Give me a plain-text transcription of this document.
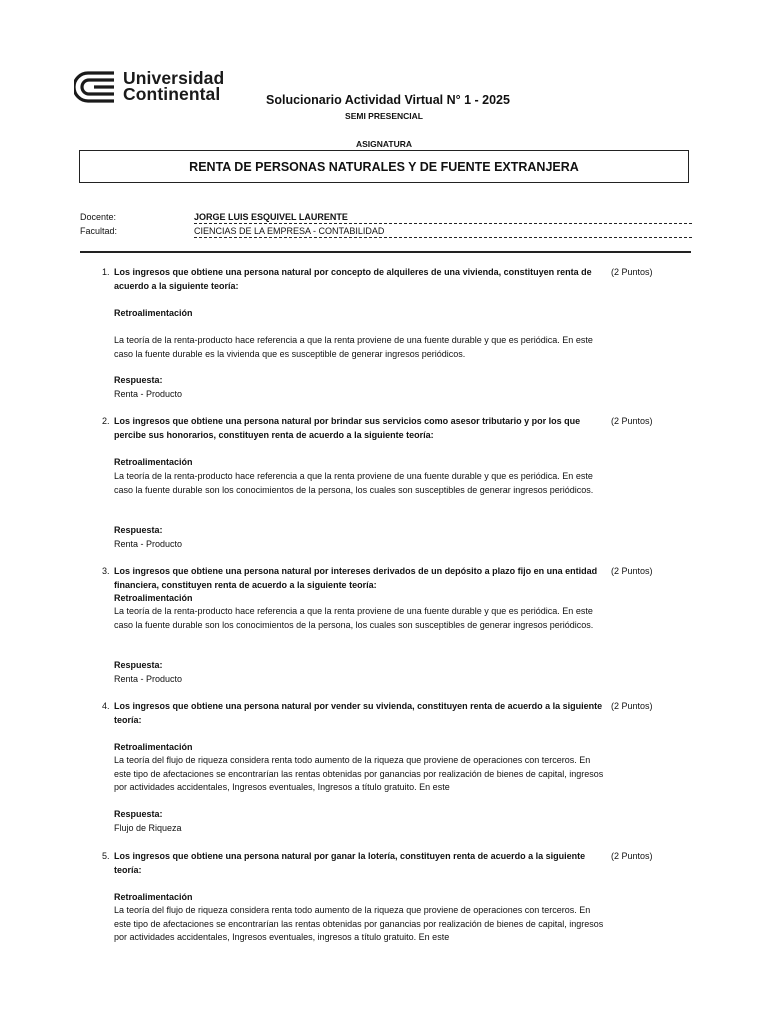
Universidad
Continental	Solucionario Actividad Virtual N° 1 - 2025
SEMI PRESENCIAL
ASIGNATURA
RENTA DE PERSONAS NATURALES Y DE FUENTE EXTRANJERA
Docente:	JORGE LUIS ESQUIVEL LAURENTE
Facultad:	CIENCIAS DE LA EMPRESA - CONTABILIDAD
1. Los ingresos que obtiene una persona natural por concepto de alquileres de una vivienda, constituyen renta de acuerdo a la siguiente teoría:
(2 Puntos)
Retroalimentación
La teoría de la renta-producto hace referencia a que la renta proviene de una fuente durable y que es periódica. En este caso la fuente durable es la vivienda que es susceptible de generar ingresos periódicos.
Respuesta:
Renta - Producto
2. Los ingresos que obtiene una persona natural por brindar sus servicios como asesor tributario y por los que percibe sus honorarios, constituyen renta de acuerdo a la siguiente teoría:
(2 Puntos)
Retroalimentación
La teoría de la renta-producto hace referencia a que la renta proviene de una fuente durable y que es periódica. En este caso la fuente durable son los conocimientos de la persona, los cuales son susceptibles de generar ingresos periódicos.
Respuesta:
Renta - Producto
3. Los ingresos que obtiene una persona natural por intereses derivados de un depósito a plazo fijo en una entidad financiera, constituyen renta de acuerdo a la siguiente teoría:
(2 Puntos)
Retroalimentación
La teoría de la renta-producto hace referencia a que la renta proviene de una fuente durable y que es periódica. En este caso la fuente durable son los conocimientos de la persona, los cuales son susceptibles de generar ingresos periódicos.
Respuesta:
Renta - Producto
4. Los ingresos que obtiene una persona natural por vender su vivienda, constituyen renta de acuerdo a la siguiente teoría:
(2 Puntos)
Retroalimentación
La teoría del flujo de riqueza considera renta todo aumento de la riqueza que proviene de operaciones con terceros. En este tipo de afectaciones se encontrarían las rentas obtenidas por ganancias por realización de bienes de capital, ingresos por actividades accidentales, Ingresos eventuales, Ingresos a título gratuito. En este
Respuesta:
Flujo de Riqueza
5. Los ingresos que obtiene una persona natural por ganar la lotería, constituyen renta de acuerdo a la siguiente teoría:
(2 Puntos)
Retroalimentación
La teoría del flujo de riqueza considera renta todo aumento de la riqueza que proviene de operaciones con terceros. En este tipo de afectaciones se encontrarían las rentas obtenidas por ganancias por realización de bienes de capital, ingresos por actividades accidentales, Ingresos eventuales, ingresos a título gratuito. En este
